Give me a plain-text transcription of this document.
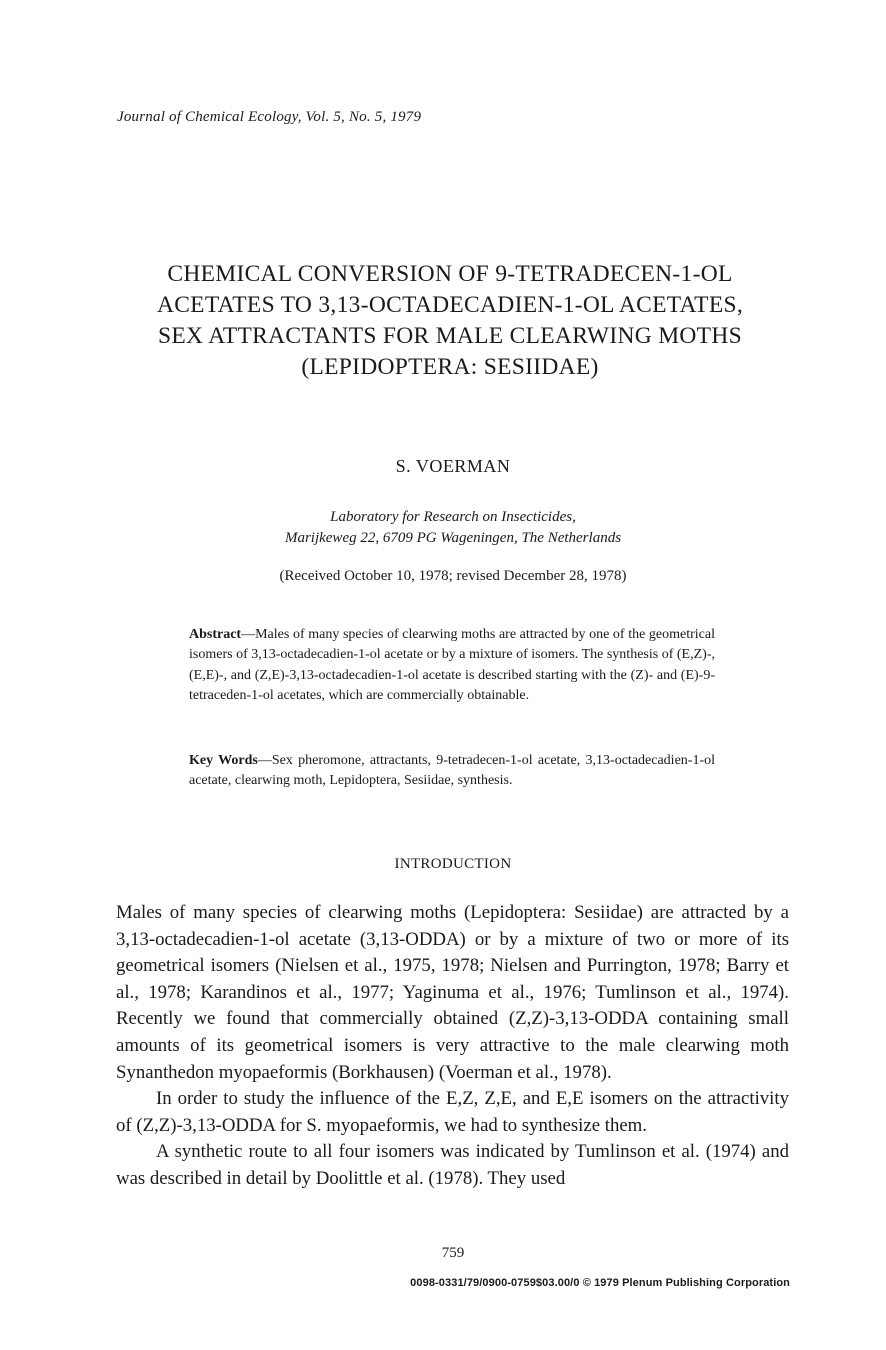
Journal of Chemical Ecology, Vol. 5, No. 5, 1979
CHEMICAL CONVERSION OF 9-TETRADECEN-1-OL
ACETATES TO 3,13-OCTADECADIEN-1-OL ACETATES,
SEX ATTRACTANTS FOR MALE CLEARWING MOTHS
(LEPIDOPTERA: SESIIDAE)
S. VOERMAN
Laboratory for Research on Insecticides,
Marijkeweg 22, 6709 PG Wageningen, The Netherlands
(Received October 10, 1978; revised December 28, 1978)
Abstract—Males of many species of clearwing moths are attracted by one of the geometrical isomers of 3,13-octadecadien-1-ol acetate or by a mixture of isomers. The synthesis of (E,Z)-, (E,E)-, and (Z,E)-3,13-octadecadien-1-ol acetate is described starting with the (Z)- and (E)-9-tetraceden-1-ol acetates, which are commercially obtainable.
Key Words—Sex pheromone, attractants, 9-tetradecen-1-ol acetate, 3,13-octadecadien-1-ol acetate, clearwing moth, Lepidoptera, Sesiidae, synthesis.
INTRODUCTION

Males of many species of clearwing moths (Lepidoptera: Sesiidae) are attracted by a 3,13-octadecadien-1-ol acetate (3,13-ODDA) or by a mixture of two or more of its geometrical isomers (Nielsen et al., 1975, 1978; Nielsen and Purrington, 1978; Barry et al., 1978; Karandinos et al., 1977; Yaginuma et al., 1976; Tumlinson et al., 1974). Recently we found that commercially obtained (Z,Z)-3,13-ODDA containing small amounts of its geometrical isomers is very attractive to the male clearwing moth Synanthedon myopaeformis (Borkhausen) (Voerman et al., 1978).

In order to study the influence of the E,Z, Z,E, and E,E isomers on the attractivity of (Z,Z)-3,13-ODDA for S. myopaeformis, we had to synthesize them.

A synthetic route to all four isomers was indicated by Tumlinson et al. (1974) and was described in detail by Doolittle et al. (1978). They used

759
0098-0331/79/0900-0759$03.00/0 © 1979 Plenum Publishing Corporation
